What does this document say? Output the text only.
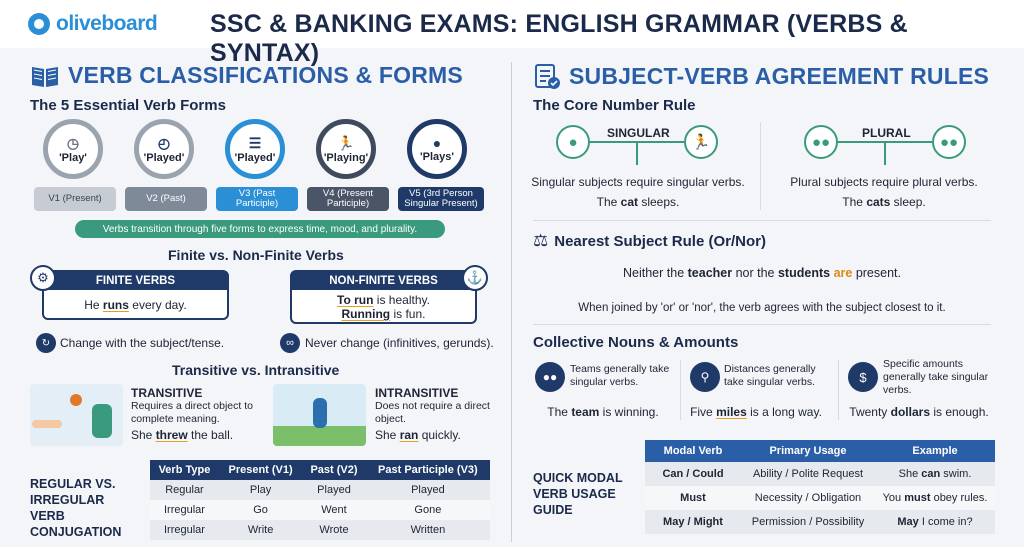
oliveboard SSC & BANKING EXAMS: ENGLISH GRAMMAR (VERBS & SYNTAX)
VERB CLASSIFICATIONS & FORMS
The 5 Essential Verb Forms
◷
'Play'
◴
'Played'
☰
'Played'
🏃
'Playing'
●
'Plays'
V1 (Present)	V2 (Past)	V3 (Past Participle)
V4 (Present Participle)
V5 (3rd Person Singular Present)
Verbs transition through five forms to express time, mood, and plurality.
Finite vs. Non-Finite Verbs
FINITE VERBS
He runs every day.
⚙	NON-FINITE VERBS
To run is healthy.
Running is fun.
⚓
↻ Change with the subject/tense.	∞ Never change (infinitives, gerunds).
Transitive vs. Intransitive
TRANSITIVE
Requires a direct object to complete meaning.
She threw the ball.
INTRANSITIVE
Does not require a direct object.
She ran quickly.
REGULAR VS. IRREGULAR VERB CONJUGATION
Verb Type	Present (V1)	Past (V2)	Past Participle (V3)
Regular	Play	Played	Played
Irregular	Go	Went	Gone
Irregular	Write	Wrote	Written
SUBJECT-VERB AGREEMENT RULES
The Core Number Rule
●
SINGULAR
🏃
Singular subjects require singular verbs.
The cat sleeps.
●●
PLURAL
●●
Plural subjects require plural verbs.
The cats sleep.
⚖ Nearest Subject Rule (Or/Nor)
Neither the teacher nor the students are present.
When joined by 'or' or 'nor', the verb agrees with the subject closest to it.
Collective Nouns & Amounts
●●
Teams generally take singular verbs.
The team is winning.
⚲
Distances generally take singular verbs.
Five miles is a long way.
$
Specific amounts generally take singular verbs.
Twenty dollars is enough.
QUICK MODAL VERB USAGE GUIDE
Modal Verb	Primary Usage	Example
Can / Could	Ability / Polite Request	She can swim.
Must	Necessity / Obligation	You must obey rules.
May / Might	Permission / Possibility	May I come in?
